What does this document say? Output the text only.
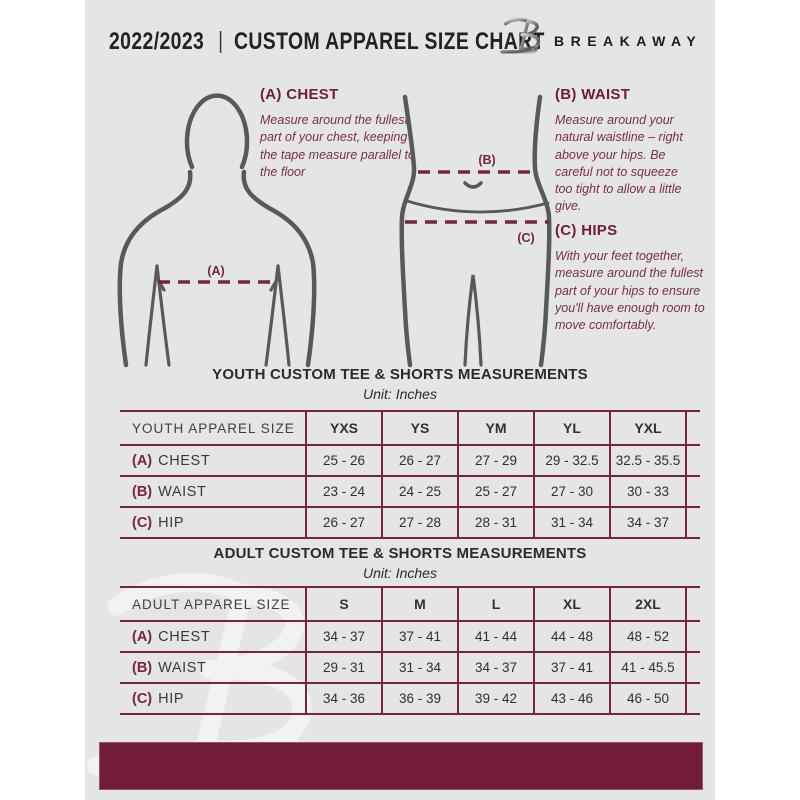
2022/2023 | CUSTOM APPAREL SIZE CHART BREAKAWAY
(A) CHEST

Measure around the fullest part of your chest, keeping the tape measure parallel to the floor

(B) WAIST

Measure around your natural waistline – right above your hips. Be careful not to squeeze too tight to allow a little give.

(C) HIPS

With your feet together, measure around the fullest part of your hips to ensure you'll have enough room to move comfortably.

(A)
(B)
(C)
YOUTH CUSTOM TEE & SHORTS MEASUREMENTS
Unit: Inches
YOUTH APPAREL SIZE	YXS	YS	YM	YL	YXL
(A) CHEST	25 - 26	26 - 27	27 - 29	29 - 32.5	32.5 - 35.5
(B) WAIST	23 - 24	24 - 25	25 - 27	27 - 30	30 - 33
(C) HIP	26 - 27	27 - 28	28 - 31	31 - 34	34 - 37
ADULT CUSTOM TEE & SHORTS MEASUREMENTS
Unit: Inches
ADULT APPAREL SIZE	S	M	L	XL	2XL
(A) CHEST	34 - 37	37 - 41	41 - 44	44 - 48	48 - 52
(B) WAIST	29 - 31	31 - 34	34 - 37	37 - 41	41 - 45.5
(C) HIP	34 - 36	36 - 39	39 - 42	43 - 46	46 - 50
